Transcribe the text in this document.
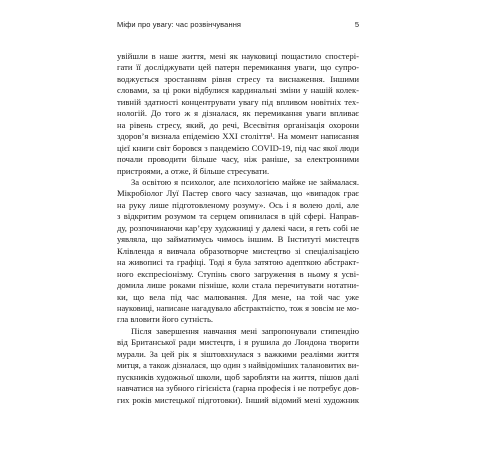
Міфи про увагу: час розвінчування	5

увійшли в наше життя, мені як науковиці пощастило спостері-
гати її досліджувати цей патерн перемикання уваги, що супро-
воджується зростанням рівня стресу та виснаження. Іншими
словами, за ці роки відбулися кардинальні зміни у нашій колек-
тивній здатності концентрувати увагу під впливом новітніх тех-
нологій. До того ж я дізналася, як перемикання уваги впливає
на рівень стресу, який, до речі, Всесвітня організація охорони
здоров’я визнала епідемією XXI століття¹. На момент написання
цієї книги світ боровся з пандемією COVID-19, під час якої люди
почали проводити більше часу, ніж раніше, за електронними
пристроями, а отже, й більше стресувати.

За освітою я психолог, але психологією майже не займалася.
Мікробіолог Луї Пастер свого часу зазначав, що «випадок грає
на руку лише підготовленому розуму». Ось і я волею долі, але
з відкритим розумом та серцем опинилася в цій сфері. Направ-
ду, розпочинаючи кар’єру художниці у далекі часи, я геть собі не
уявляла, що займатимусь чимось іншим. В Інституті мистецтв
Клівленда я вивчала образотворче мистецтво зі спеціалізацією
на живописі та графіці. Тоді я була затятою адепткою абстракт-
ного експресіонізму. Ступінь свого загруження в ньому я усві-
домила лише роками пізніше, коли стала перечитувати нотатни-
ки, що вела під час малювання. Для мене, на той час уже
науковиці, написане нагадувало абстрактністю, тож я зовсім не мо-
гла вловити його сутність.

Після завершення навчання мені запропонували стипендію
від Британської ради мистецтв, і я рушила до Лондона творити
мурали. За цей рік я зіштовхнулася з важкими реаліями життя
митця, а також дізналася, що один з найвідоміших талановитих ви-
пускників художньої школи, щоб заробляти на життя, пішов далі
навчатися на зубного гігієніста (гарна професія і не потребує дов-
гих років мистецької підготовки). Інший відомий мені художник
